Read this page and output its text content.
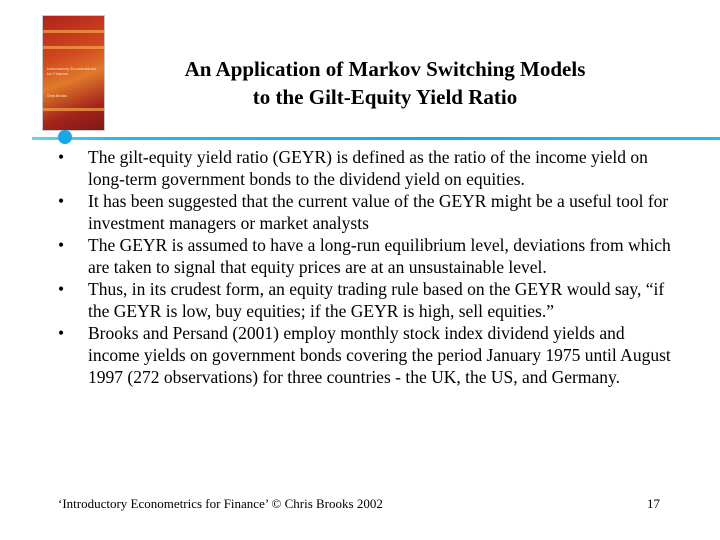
Introductory Econometrics for Finance
Chris Brooks
An Application of Markov Switching Models
to the Gilt-Equity Yield Ratio
•	The gilt-equity yield ratio (GEYR) is defined as the ratio of the income yield on long-term government bonds to the dividend yield on equities.
•	It has been suggested that the current value of the GEYR might be a useful tool for investment managers or market analysts
•	The GEYR is assumed to have a long-run equilibrium level, deviations from which are taken to signal that equity prices are at an unsustainable level.
•	Thus, in its crudest form, an equity trading rule based on the GEYR would say, “if the GEYR is low, buy equities; if the GEYR is high, sell equities.”
•	Brooks and Persand (2001) employ monthly stock index dividend yields and income yields on government bonds covering the period January 1975 until August 1997 (272 observations) for three countries - the UK, the US, and Germany.
‘Introductory Econometrics for Finance’ © Chris Brooks 2002	17
